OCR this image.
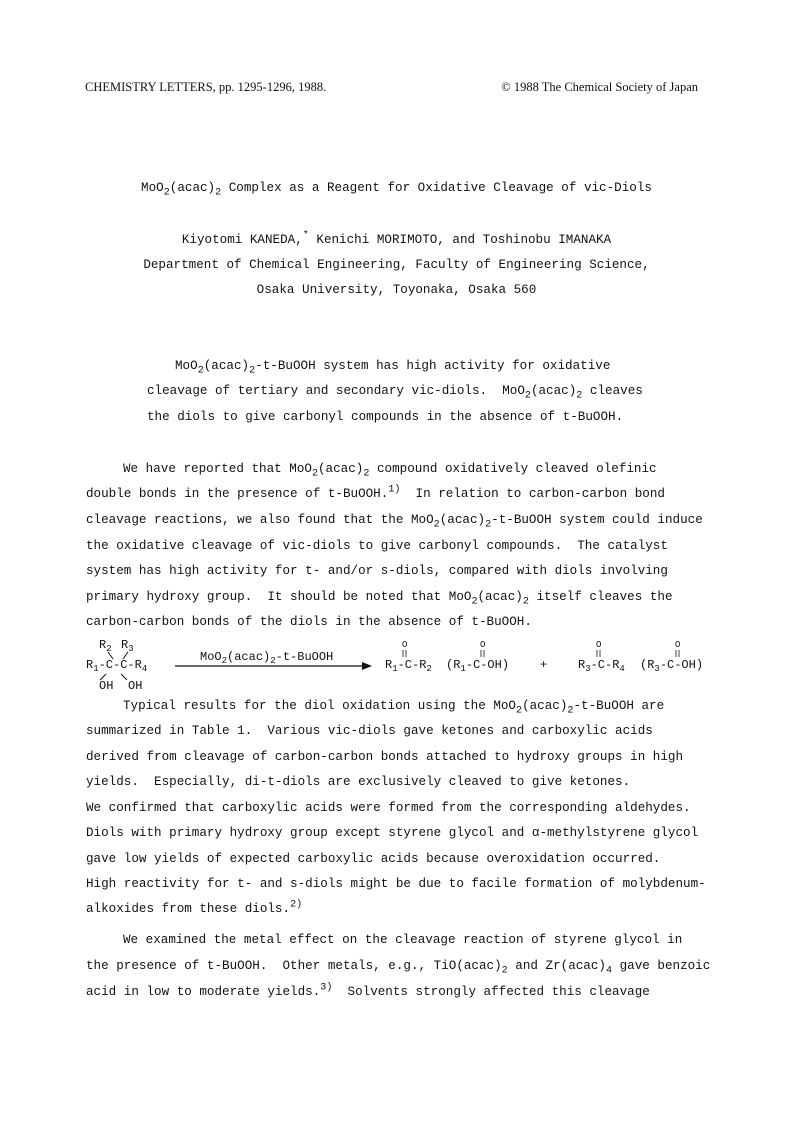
CHEMISTRY LETTERS, pp. 1295-1296, 1988.	© 1988 The Chemical Society of Japan
$MoO_2(acac)_2$ Complex as a Reagent for Oxidative Cleavage of vic-Diols
Kiyotomi KANEDA,* Kenichi MORIMOTO, and Toshinobu IMANAKA
Department of Chemical Engineering, Faculty of Engineering Science,
Osaka University, Toyonaka, Osaka 560
$MoO_2(acac)_2-t$-BuOOH system has high activity for oxidative
cleavage of tertiary and secondary vic-diols.  $MoO_2(acac)_2$ cleaves
the diols to give carbonyl compounds in the absence of t-BuOOH.
We have reported that $MoO_2(acac)_2$ compound oxidatively cleaved olefinic
double bonds in the presence of t-BuOOH.$^{1)}$  In relation to carbon-carbon bond
cleavage reactions, we also found that the $MoO_2(acac)_2-t$-BuOOH system could induce
the oxidative cleavage of vic-diols to give carbonyl compounds.  The catalyst
system has high activity for t- and/or s-diols, compared with diols involving
primary hydroxy group.  It should be noted that $MoO_2(acac)_2$ itself cleaves the
carbon-carbon bonds of the diols in the absence of t-BuOOH.
$R_2$ $R_3$
$R_1-C-C-R_4$
OH OH
$MoO_2(acac)_2-t$-BuOOH
O
$R_1-C-R_2$
O
$(R_1-C-OH)$	+
O
$R_3-C-R_4$
O
$(R_3-C-OH)$
Typical results for the diol oxidation using the $MoO_2(acac)_2-t$-BuOOH are
summarized in Table 1.  Various vic-diols gave ketones and carboxylic acids
derived from cleavage of carbon-carbon bonds attached to hydroxy groups in high
yields.  Especially, di-t-diols are exclusively cleaved to give ketones.
We confirmed that carboxylic acids were formed from the corresponding aldehydes.
Diols with primary hydroxy group except styrene glycol and α-methylstyrene glycol
gave low yields of expected carboxylic acids because overoxidation occurred.
High reactivity for t- and s-diols might be due to facile formation of molybdenum-
alkoxides from these diols.$^{2)}$
We examined the metal effect on the cleavage reaction of styrene glycol in
the presence of t-BuOOH.  Other metals, e.g., $TiO(acac)_2$ and $Zr(acac)_4$ gave benzoic
acid in low to moderate yields.$^{3)}$  Solvents strongly affected this cleavage
